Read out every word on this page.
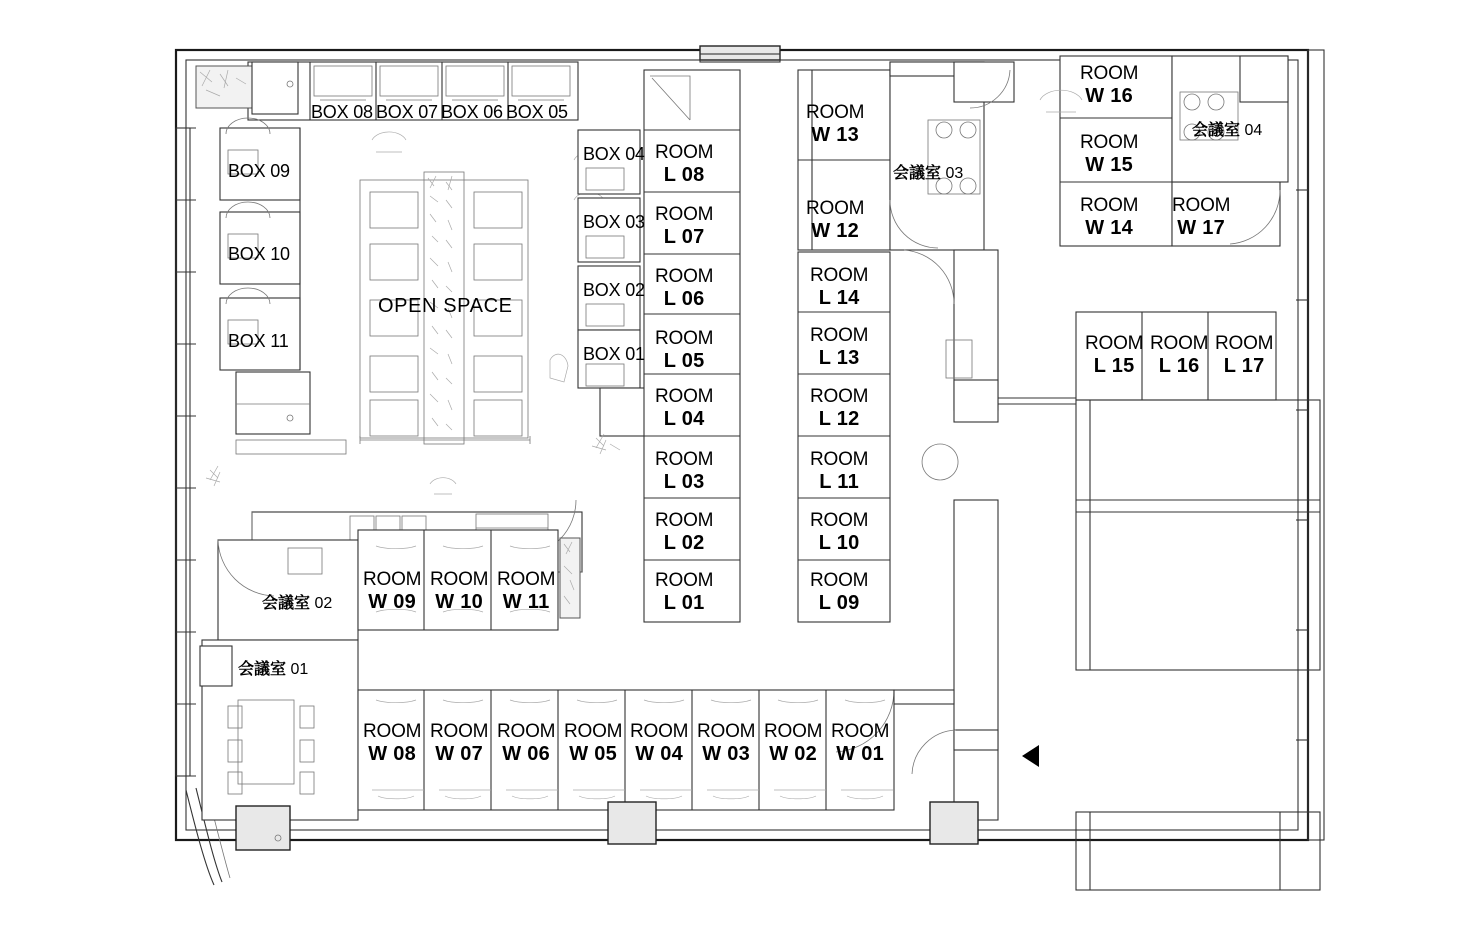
BOX 08 BOX 07 BOX 06 BOX 05
BOX 09
BOX 10
BOX 11
BOX 04
BOX 03
BOX 02
BOX 01
OPEN SPACE
ROOM
L 08
ROOM
L 07
ROOM
L 06
ROOM
L 05
ROOM
L 04
ROOM
L 03
ROOM
L 02
ROOM
L 01
ROOM
L 14
ROOM
L 13
ROOM
L 12
ROOM
L 11
ROOM
L 10
ROOM
L 09
ROOM
W 13
ROOM
W 12
ROOM
W 16
ROOM
W 15
ROOM
W 14
ROOM
W 17
ROOM
L 15
ROOM
L 16
ROOM
L 17
ROOM
W 09
ROOM
W 10
ROOM
W 11
ROOM
W 08
ROOM
W 07
ROOM
W 06
ROOM
W 05
ROOM
W 04
ROOM
W 03
ROOM
W 02
ROOM
W 01
会議室 01
会議室 02
会議室 03
会議室 04
